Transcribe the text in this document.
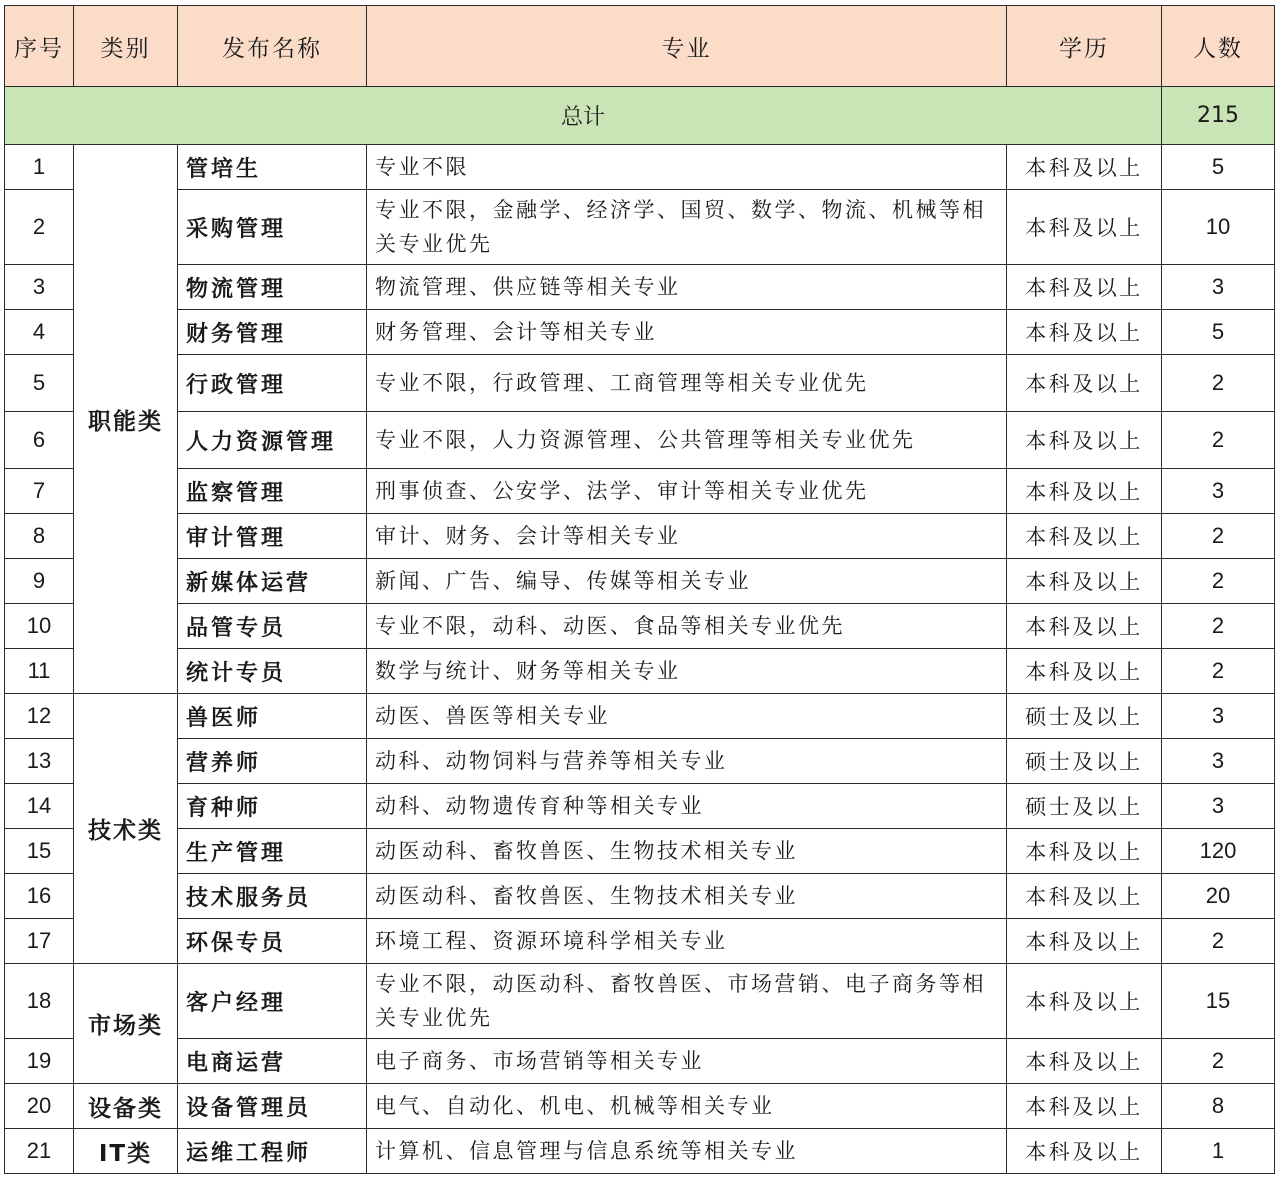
序号	类别	发布名称	专业	学历	人数
总计					215
1	职能类	管培生	专业不限	本科及以上	5
2		采购管理	专业不限，金融学、经济学、国贸、数学、物流、机械等相关专业优先	本科及以上	10
3		物流管理	物流管理、供应链等相关专业	本科及以上	3
4		财务管理	财务管理、会计等相关专业	本科及以上	5
5		行政管理	专业不限，行政管理、工商管理等相关专业优先	本科及以上	2
6		人力资源管理	专业不限，人力资源管理、公共管理等相关专业优先	本科及以上	2
7		监察管理	刑事侦查、公安学、法学、审计等相关专业优先	本科及以上	3
8		审计管理	审计、财务、会计等相关专业	本科及以上	2
9		新媒体运营	新闻、广告、编导、传媒等相关专业	本科及以上	2
10		品管专员	专业不限，动科、动医、食品等相关专业优先	本科及以上	2
11		统计专员	数学与统计、财务等相关专业	本科及以上	2
12	技术类	兽医师	动医、兽医等相关专业	硕士及以上	3
13		营养师	动科、动物饲料与营养等相关专业	硕士及以上	3
14		育种师	动科、动物遗传育种等相关专业	硕士及以上	3
15		生产管理	动医动科、畜牧兽医、生物技术相关专业	本科及以上	120
16		技术服务员	动医动科、畜牧兽医、生物技术相关专业	本科及以上	20
17		环保专员	环境工程、资源环境科学相关专业	本科及以上	2
18	市场类	客户经理	专业不限，动医动科、畜牧兽医、市场营销、电子商务等相关专业优先	本科及以上	15
19		电商运营	电子商务、市场营销等相关专业	本科及以上	2
20	设备类	设备管理员	电气、自动化、机电、机械等相关专业	本科及以上	8
21	IT类	运维工程师	计算机、信息管理与信息系统等相关专业	本科及以上	1
